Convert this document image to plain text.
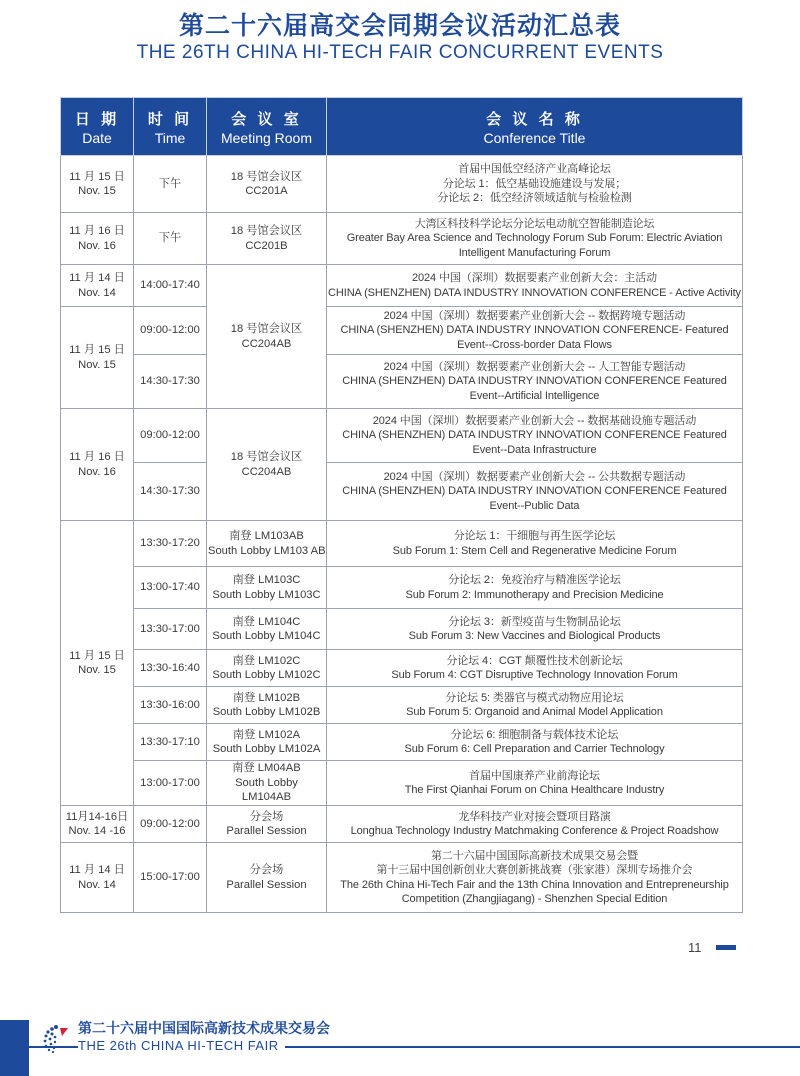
第二十六届高交会同期会议活动汇总表
THE 26TH CHINA HI-TECH FAIR CONCURRENT EVENTS
日 期
Date	时 间
Time	会 议 室
Meeting Room	会 议 名 称
Conference Title

11 月 15 日
Nov. 15	下午	18 号馆会议区
CC201A	首届中国低空经济产业高峰论坛
分论坛 1：低空基础设施建设与发展；
分论坛 2：低空经济领域适航与检验检测

11 月 16 日
Nov. 16	下午	18 号馆会议区
CC201B	大湾区科技科学论坛分论坛电动航空智能制造论坛
Greater Bay Area Science and Technology Forum Sub Forum: Electric Aviation Intelligent Manufacturing Forum

11 月 14 日
Nov. 14	14:00-17:40	18 号馆会议区
CC204AB	2024 中国（深圳）数据要素产业创新大会：主活动
CHINA (SHENZHEN) DATA INDUSTRY INNOVATION CONFERENCE - Active Activity

11 月 15 日
Nov. 15	09:00-12:00		2024 中国（深圳）数据要素产业创新大会 -- 数据跨境专题活动
CHINA (SHENZHEN) DATA INDUSTRY INNOVATION CONFERENCE- Featured Event--Cross-border Data Flows

	14:30-17:30		2024 中国（深圳）数据要素产业创新大会 -- 人工智能专题活动
CHINA (SHENZHEN) DATA INDUSTRY INNOVATION CONFERENCE Featured Event--Artificial Intelligence

11 月 16 日
Nov. 16	09:00-12:00	18 号馆会议区
CC204AB	2024 中国（深圳）数据要素产业创新大会 -- 数据基础设施专题活动
CHINA (SHENZHEN) DATA INDUSTRY INNOVATION CONFERENCE Featured Event--Data Infrastructure

	14:30-17:30		2024 中国（深圳）数据要素产业创新大会 -- 公共数据专题活动
CHINA (SHENZHEN) DATA INDUSTRY INNOVATION CONFERENCE Featured Event--Public Data

11 月 15 日
Nov. 15	13:30-17:20	南登 LM103AB
South Lobby LM103 AB	分论坛 1：干细胞与再生医学论坛
Sub Forum 1: Stem Cell and Regenerative Medicine Forum

	13:00-17:40	南登 LM103C
South Lobby LM103C	分论坛 2：免疫治疗与精准医学论坛
Sub Forum 2: Immunotherapy and Precision Medicine

	13:30-17:00	南登 LM104C
South Lobby LM104C	分论坛 3：新型疫苗与生物制品论坛
Sub Forum 3: New Vaccines and Biological Products

	13:30-16:40	南登 LM102C
South Lobby LM102C	分论坛 4：CGT 颠覆性技术创新论坛
Sub Forum 4: CGT Disruptive Technology Innovation Forum

	13:30-16:00	南登 LM102B
South Lobby LM102B	分论坛 5: 类器官与模式动物应用论坛
Sub Forum 5: Organoid and Animal Model Application

	13:30-17:10	南登 LM102A
South Lobby LM102A	分论坛 6: 细胞制备与载体技术论坛
Sub Forum 6: Cell Preparation and Carrier Technology

	13:00-17:00	南登 LM04AB
South Lobby
LM104AB	首届中国康养产业前海论坛
The First Qianhai Forum on China Healthcare Industry

11月14-16日
Nov. 14 -16	09:00-12:00	分会场
Parallel Session	龙华科技产业对接会暨项目路演
Longhua Technology Industry Matchmaking Conference & Project Roadshow

11 月 14 日
Nov. 14	15:00-17:00	分会场
Parallel Session	第二十六届中国国际高新技术成果交易会暨
第十三届中国创新创业大赛创新挑战赛（张家港）深圳专场推介会
The 26th China Hi-Tech Fair and the 13th China Innovation and Entrepreneurship Competition (Zhangjiagang) - Shenzhen Special Edition
11
第二十六届中国国际高新技术成果交易会
THE 26th CHINA HI-TECH FAIR
